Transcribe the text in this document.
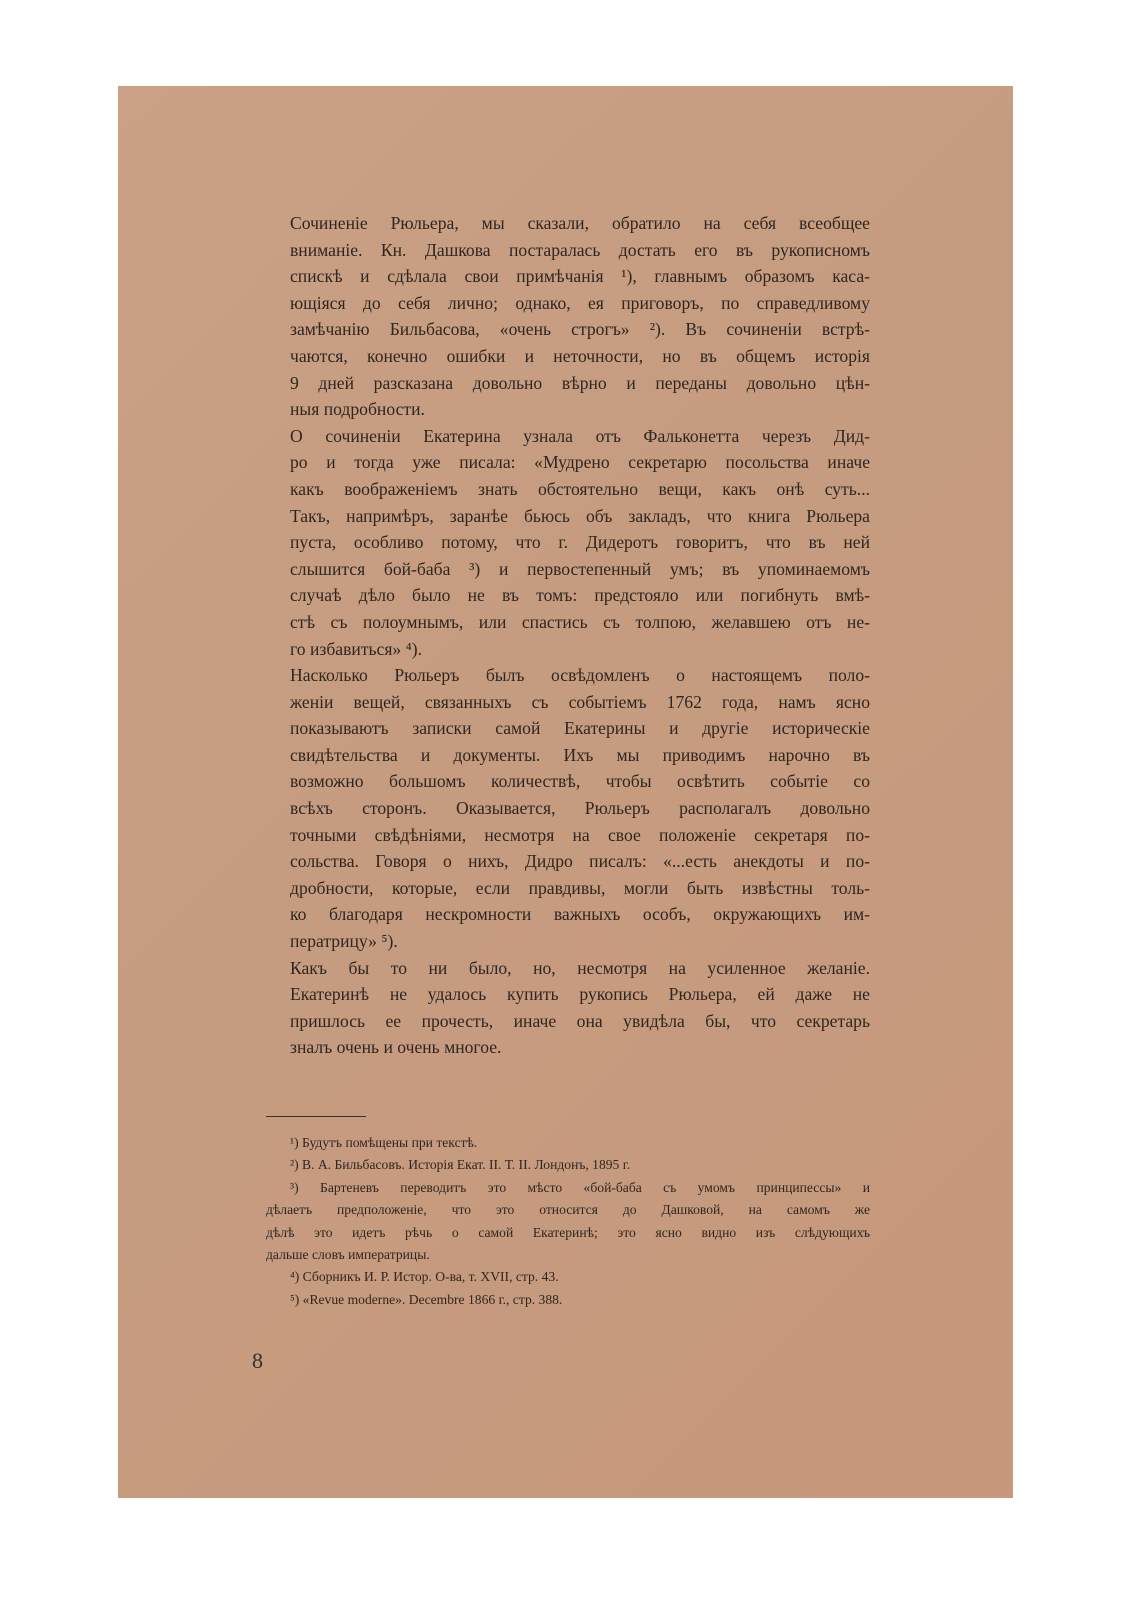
Сочиненіе Рюльера, мы сказали, обратило на себя всеобщее
вниманіе. Кн. Дашкова постаралась достать его въ рукописномъ
спискѣ и сдѣлала свои примѣчанія ¹), главнымъ образомъ каса-
ющіяся до себя лично; однако, ея приговоръ, по справедливому
замѣчанію Бильбасова, «очень строгъ» ²). Въ сочиненіи встрѣ-
чаются, конечно ошибки и неточности, но въ общемъ исторія
9 дней разсказана довольно вѣрно и переданы довольно цѣн-
ныя подробности.

О сочиненіи Екатерина узнала отъ Фальконетта черезъ Дид-
ро и тогда уже писала: «Мудрено секретарю посольства иначе
какъ воображеніемъ знать обстоятельно вещи, какъ онѣ суть...
Такъ, напримѣръ, заранѣе бьюсь объ закладъ, что книга Рюльера
пуста, особливо потому, что г. Дидеротъ говоритъ, что въ ней
слышится бой-баба ³) и первостепенный умъ; въ упоминаемомъ
случаѣ дѣло было не въ томъ: предстояло или погибнуть вмѣ-
стѣ съ полоумнымъ, или спастись съ толпою, желавшею отъ не-
го избавиться» ⁴).

Насколько Рюльеръ былъ освѣдомленъ о настоящемъ поло-
женіи вещей, связанныхъ съ событіемъ 1762 года, намъ ясно
показываютъ записки самой Екатерины и другіе историческіе
свидѣтельства и документы. Ихъ мы приводимъ нарочно въ
возможно большомъ количествѣ, чтобы освѣтить событіе со
всѣхъ сторонъ. Оказывается, Рюльеръ располагалъ довольно
точными свѣдѣніями, несмотря на свое положеніе секретаря по-
сольства. Говоря о нихъ, Дидро писалъ: «...есть анекдоты и по-
дробности, которые, если правдивы, могли быть извѣстны толь-
ко благодаря нескромности важныхъ особъ, окружающихъ им-
ператрицу» ⁵).

Какъ бы то ни было, но, несмотря на усиленное желаніе.
Екатеринѣ не удалось купить рукопись Рюльера, ей даже не
пришлось ее прочесть, иначе она увидѣла бы, что секретарь
зналъ очень и очень многое.

¹) Будутъ помѣщены при текстѣ.
²) В. А. Бильбасовъ. Исторія Екат. II. Т. II. Лондонъ, 1895 г.
³) Бартеневъ переводитъ это мѣсто «бой-баба съ умомъ принципессы» и
дѣлаетъ предположеніе, что это относится до Дашковой, на самомъ же
дѣлѣ это идетъ рѣчь о самой Екатеринѣ; это ясно видно изъ слѣдующихъ
дальше словъ императрицы.
⁴) Сборникъ И. Р. Истор. О-ва, т. XVII, стр. 43.
⁵) «Revue moderne». Decembre 1866 г., стр. 388.
8
